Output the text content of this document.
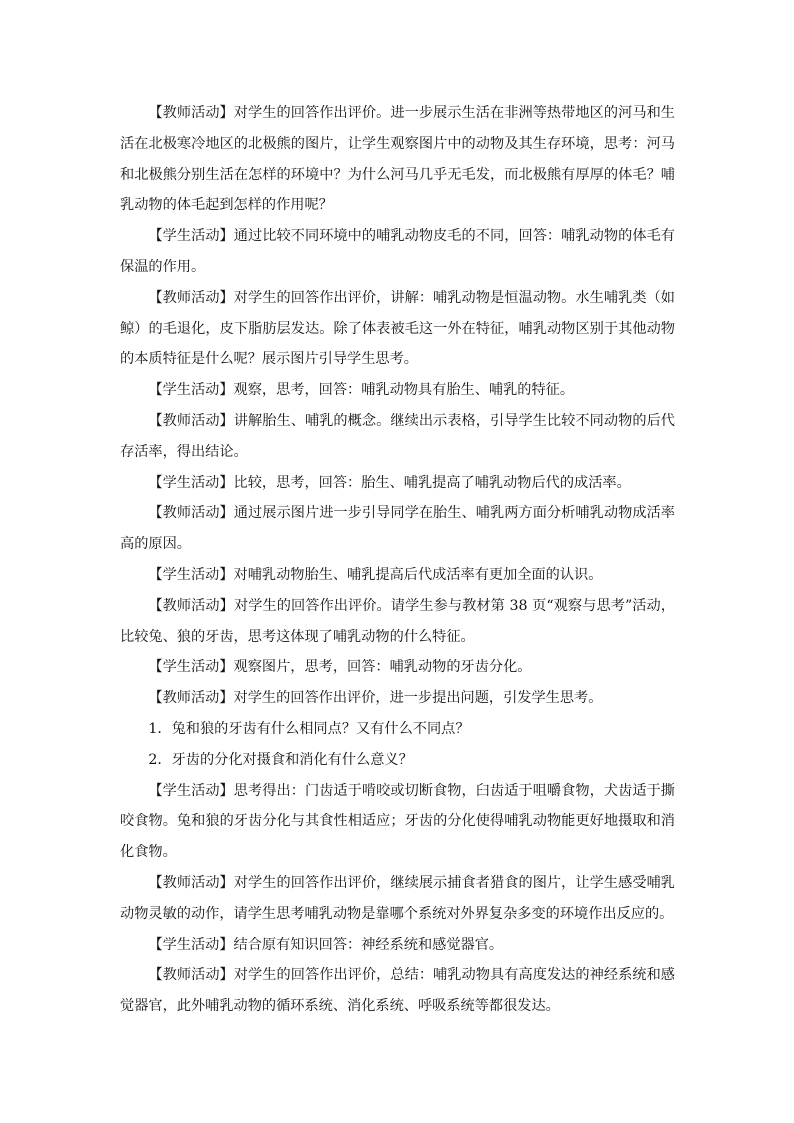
【教师活动】对学生的回答作出评价。进一步展示生活在非洲等热带地区的河马和生活在北极寒冷地区的北极熊的图片，让学生观察图片中的动物及其生存环境，思考：河马和北极熊分别生活在怎样的环境中？为什么河马几乎无毛发，而北极熊有厚厚的体毛？哺乳动物的体毛起到怎样的作用呢？

【学生活动】通过比较不同环境中的哺乳动物皮毛的不同，回答：哺乳动物的体毛有保温的作用。

【教师活动】对学生的回答作出评价，讲解：哺乳动物是恒温动物。水生哺乳类（如鲸）的毛退化，皮下脂肪层发达。除了体表被毛这一外在特征，哺乳动物区别于其他动物的本质特征是什么呢？展示图片引导学生思考。

【学生活动】观察，思考，回答：哺乳动物具有胎生、哺乳的特征。

【教师活动】讲解胎生、哺乳的概念。继续出示表格，引导学生比较不同动物的后代存活率，得出结论。

【学生活动】比较，思考，回答：胎生、哺乳提高了哺乳动物后代的成活率。

【教师活动】通过展示图片进一步引导同学在胎生、哺乳两方面分析哺乳动物成活率高的原因。

【学生活动】对哺乳动物胎生、哺乳提高后代成活率有更加全面的认识。

【教师活动】对学生的回答作出评价。请学生参与教材第 38 页“观察与思考”活动，比较兔、狼的牙齿，思考这体现了哺乳动物的什么特征。

【学生活动】观察图片，思考，回答：哺乳动物的牙齿分化。

【教师活动】对学生的回答作出评价，进一步提出问题，引发学生思考。

1．兔和狼的牙齿有什么相同点？又有什么不同点？

2．牙齿的分化对摄食和消化有什么意义？

【学生活动】思考得出：门齿适于啃咬或切断食物，臼齿适于咀嚼食物，犬齿适于撕咬食物。兔和狼的牙齿分化与其食性相适应；牙齿的分化使得哺乳动物能更好地摄取和消化食物。

【教师活动】对学生的回答作出评价，继续展示捕食者猎食的图片，让学生感受哺乳动物灵敏的动作，请学生思考哺乳动物是靠哪个系统对外界复杂多变的环境作出反应的。

【学生活动】结合原有知识回答：神经系统和感觉器官。

【教师活动】对学生的回答作出评价，总结：哺乳动物具有高度发达的神经系统和感觉器官，此外哺乳动物的循环系统、消化系统、呼吸系统等都很发达。
